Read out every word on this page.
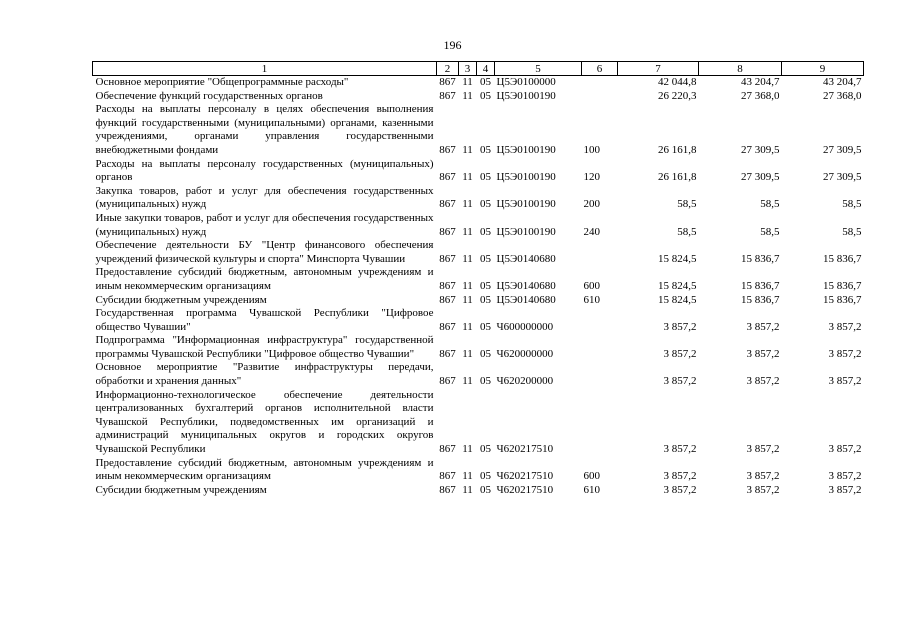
196
1	2	3	4	5	6	7	8	9
Основное мероприятие "Общепрограммные расходы"	867	11	05	Ц5Э0100000		42 044,8	43 204,7	43 204,7
Обеспечение функций государственных органов	867	11	05	Ц5Э0100190		26 220,3	27 368,0	27 368,0
Расходы на выплаты персоналу в целях обеспечения выполнения функций государственными (муниципальными) органами, казенными учреждениями, органами управления государственными внебюджетными фондами	867	11	05	Ц5Э0100190	100	26 161,8	27 309,5	27 309,5
Расходы на выплаты персоналу государственных (муниципальных) органов	867	11	05	Ц5Э0100190	120	26 161,8	27 309,5	27 309,5
Закупка товаров, работ и услуг для обеспечения государственных (муниципальных) нужд	867	11	05	Ц5Э0100190	200	58,5	58,5	58,5
Иные закупки товаров, работ и услуг для обеспечения государственных (муниципальных) нужд	867	11	05	Ц5Э0100190	240	58,5	58,5	58,5
Обеспечение деятельности БУ "Центр финансового обеспечения учреждений физической культуры и спорта" Минспорта Чувашии	867	11	05	Ц5Э0140680		15 824,5	15 836,7	15 836,7
Предоставление субсидий бюджетным, автономным учреждениям и иным некоммерческим организациям	867	11	05	Ц5Э0140680	600	15 824,5	15 836,7	15 836,7
Субсидии бюджетным учреждениям	867	11	05	Ц5Э0140680	610	15 824,5	15 836,7	15 836,7
Государственная программа Чувашской Республики "Цифровое общество Чувашии"	867	11	05	Ч600000000		3 857,2	3 857,2	3 857,2
Подпрограмма "Информационная инфраструктура" государственной программы Чувашской Республики "Цифровое общество Чувашии"	867	11	05	Ч620000000		3 857,2	3 857,2	3 857,2
Основное мероприятие "Развитие инфраструктуры передачи, обработки и хранения данных"	867	11	05	Ч620200000		3 857,2	3 857,2	3 857,2
Информационно-технологическое обеспечение деятельности централизованных бухгалтерий органов исполнительной власти Чувашской Республики, подведомственных им организаций и администраций муниципальных округов и городских округов Чувашской Республики	867	11	05	Ч620217510		3 857,2	3 857,2	3 857,2
Предоставление субсидий бюджетным, автономным учреждениям и иным некоммерческим организациям	867	11	05	Ч620217510	600	3 857,2	3 857,2	3 857,2
Субсидии бюджетным учреждениям	867	11	05	Ч620217510	610	3 857,2	3 857,2	3 857,2
